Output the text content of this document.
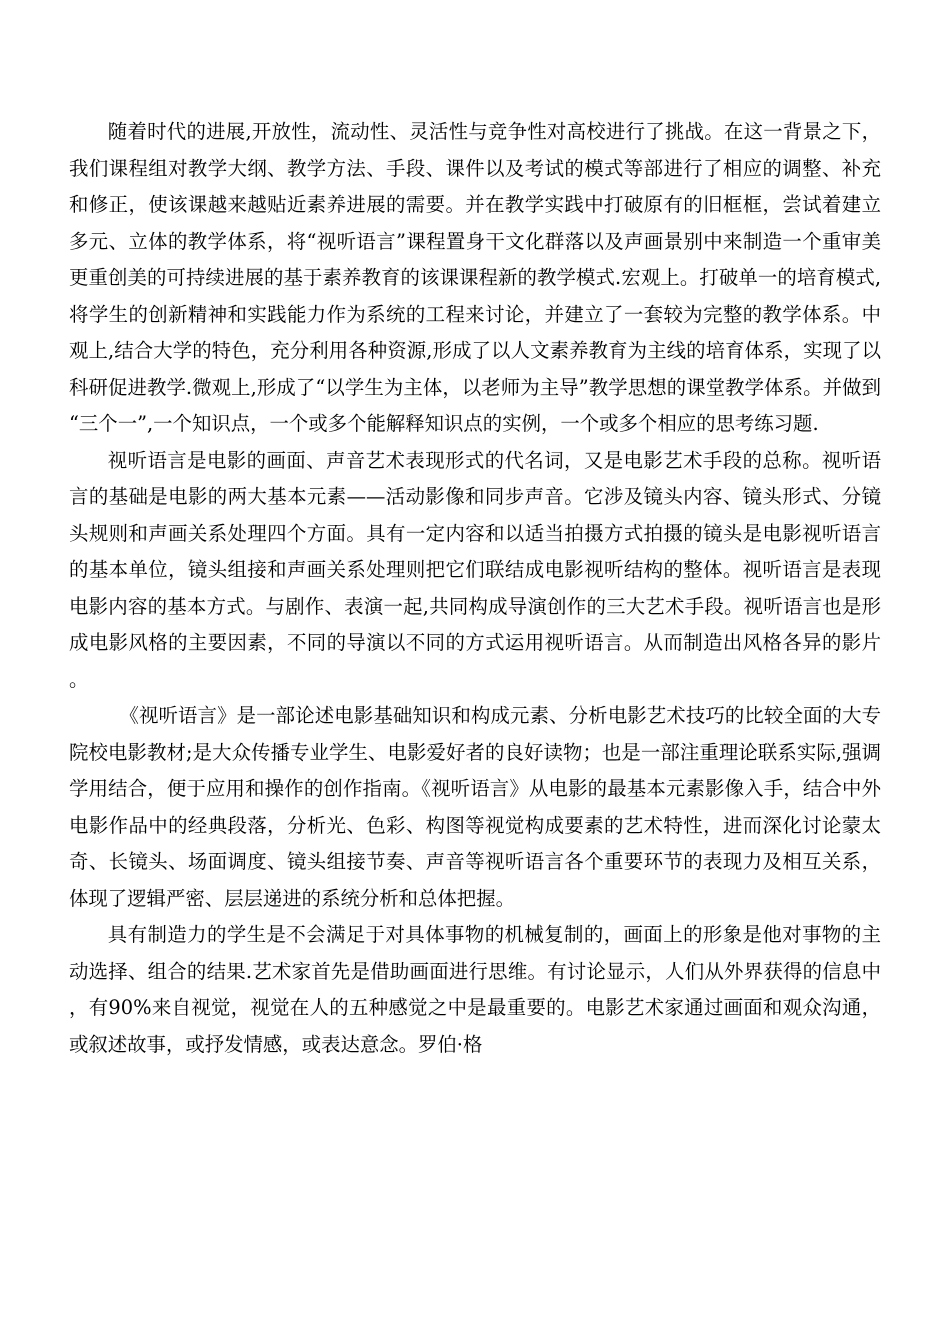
随着时代的进展,开放性，流动性、灵活性与竞争性对高校进行了挑战。在这一背景之下，我们课程组对教学大纲、教学方法、手段、课件以及考试的模式等部进行了相应的调整、补充和修正，使该课越来越贴近素养进展的需要。并在教学实践中打破原有的旧框框，尝试着建立多元、立体的教学体系，将“视听语言”课程置身干文化群落以及声画景别中来制造一个重审美更重创美的可持续进展的基于素养教育的该课课程新的教学模式.宏观上。打破单一的培育模式,将学生的创新精神和实践能力作为系统的工程来讨论，并建立了一套较为完整的教学体系。中观上,结合大学的特色，充分利用各种资源,形成了以人文素养教育为主线的培育体系，实现了以科研促进教学.微观上,形成了“以学生为主体，以老师为主导”教学思想的课堂教学体系。并做到“三个一”,一个知识点，一个或多个能解释知识点的实例，一个或多个相应的思考练习题.

视听语言是电影的画面、声音艺术表现形式的代名词，又是电影艺术手段的总称。视听语言的基础是电影的两大基本元素——活动影像和同步声音。它涉及镜头内容、镜头形式、分镜头规则和声画关系处理四个方面。具有一定内容和以适当拍摄方式拍摄的镜头是电影视听语言的基本单位，镜头组接和声画关系处理则把它们联结成电影视听结构的整体。视听语言是表现电影内容的基本方式。与剧作、表演一起,共同构成导演创作的三大艺术手段。视听语言也是形成电影风格的主要因素，不同的导演以不同的方式运用视听语言。从而制造出风格各异的影片。

《视听语言》是一部论述电影基础知识和构成元素、分析电影艺术技巧的比较全面的大专院校电影教材;是大众传播专业学生、电影爱好者的良好读物；也是一部注重理论联系实际,强调学用结合，便于应用和操作的创作指南。《视听语言》从电影的最基本元素影像入手，结合中外电影作品中的经典段落，分析光、色彩、构图等视觉构成要素的艺术特性，进而深化讨论蒙太奇、长镜头、场面调度、镜头组接节奏、声音等视听语言各个重要环节的表现力及相互关系，体现了逻辑严密、层层递进的系统分析和总体把握。

具有制造力的学生是不会满足于对具体事物的机械复制的，画面上的形象是他对事物的主动选择、组合的结果.艺术家首先是借助画面进行思维。有讨论显示，人们从外界获得的信息中，有90%来自视觉，视觉在人的五种感觉之中是最重要的。电影艺术家通过画面和观众沟通，或叙述故事，或抒发情感，或表达意念。罗伯·格
